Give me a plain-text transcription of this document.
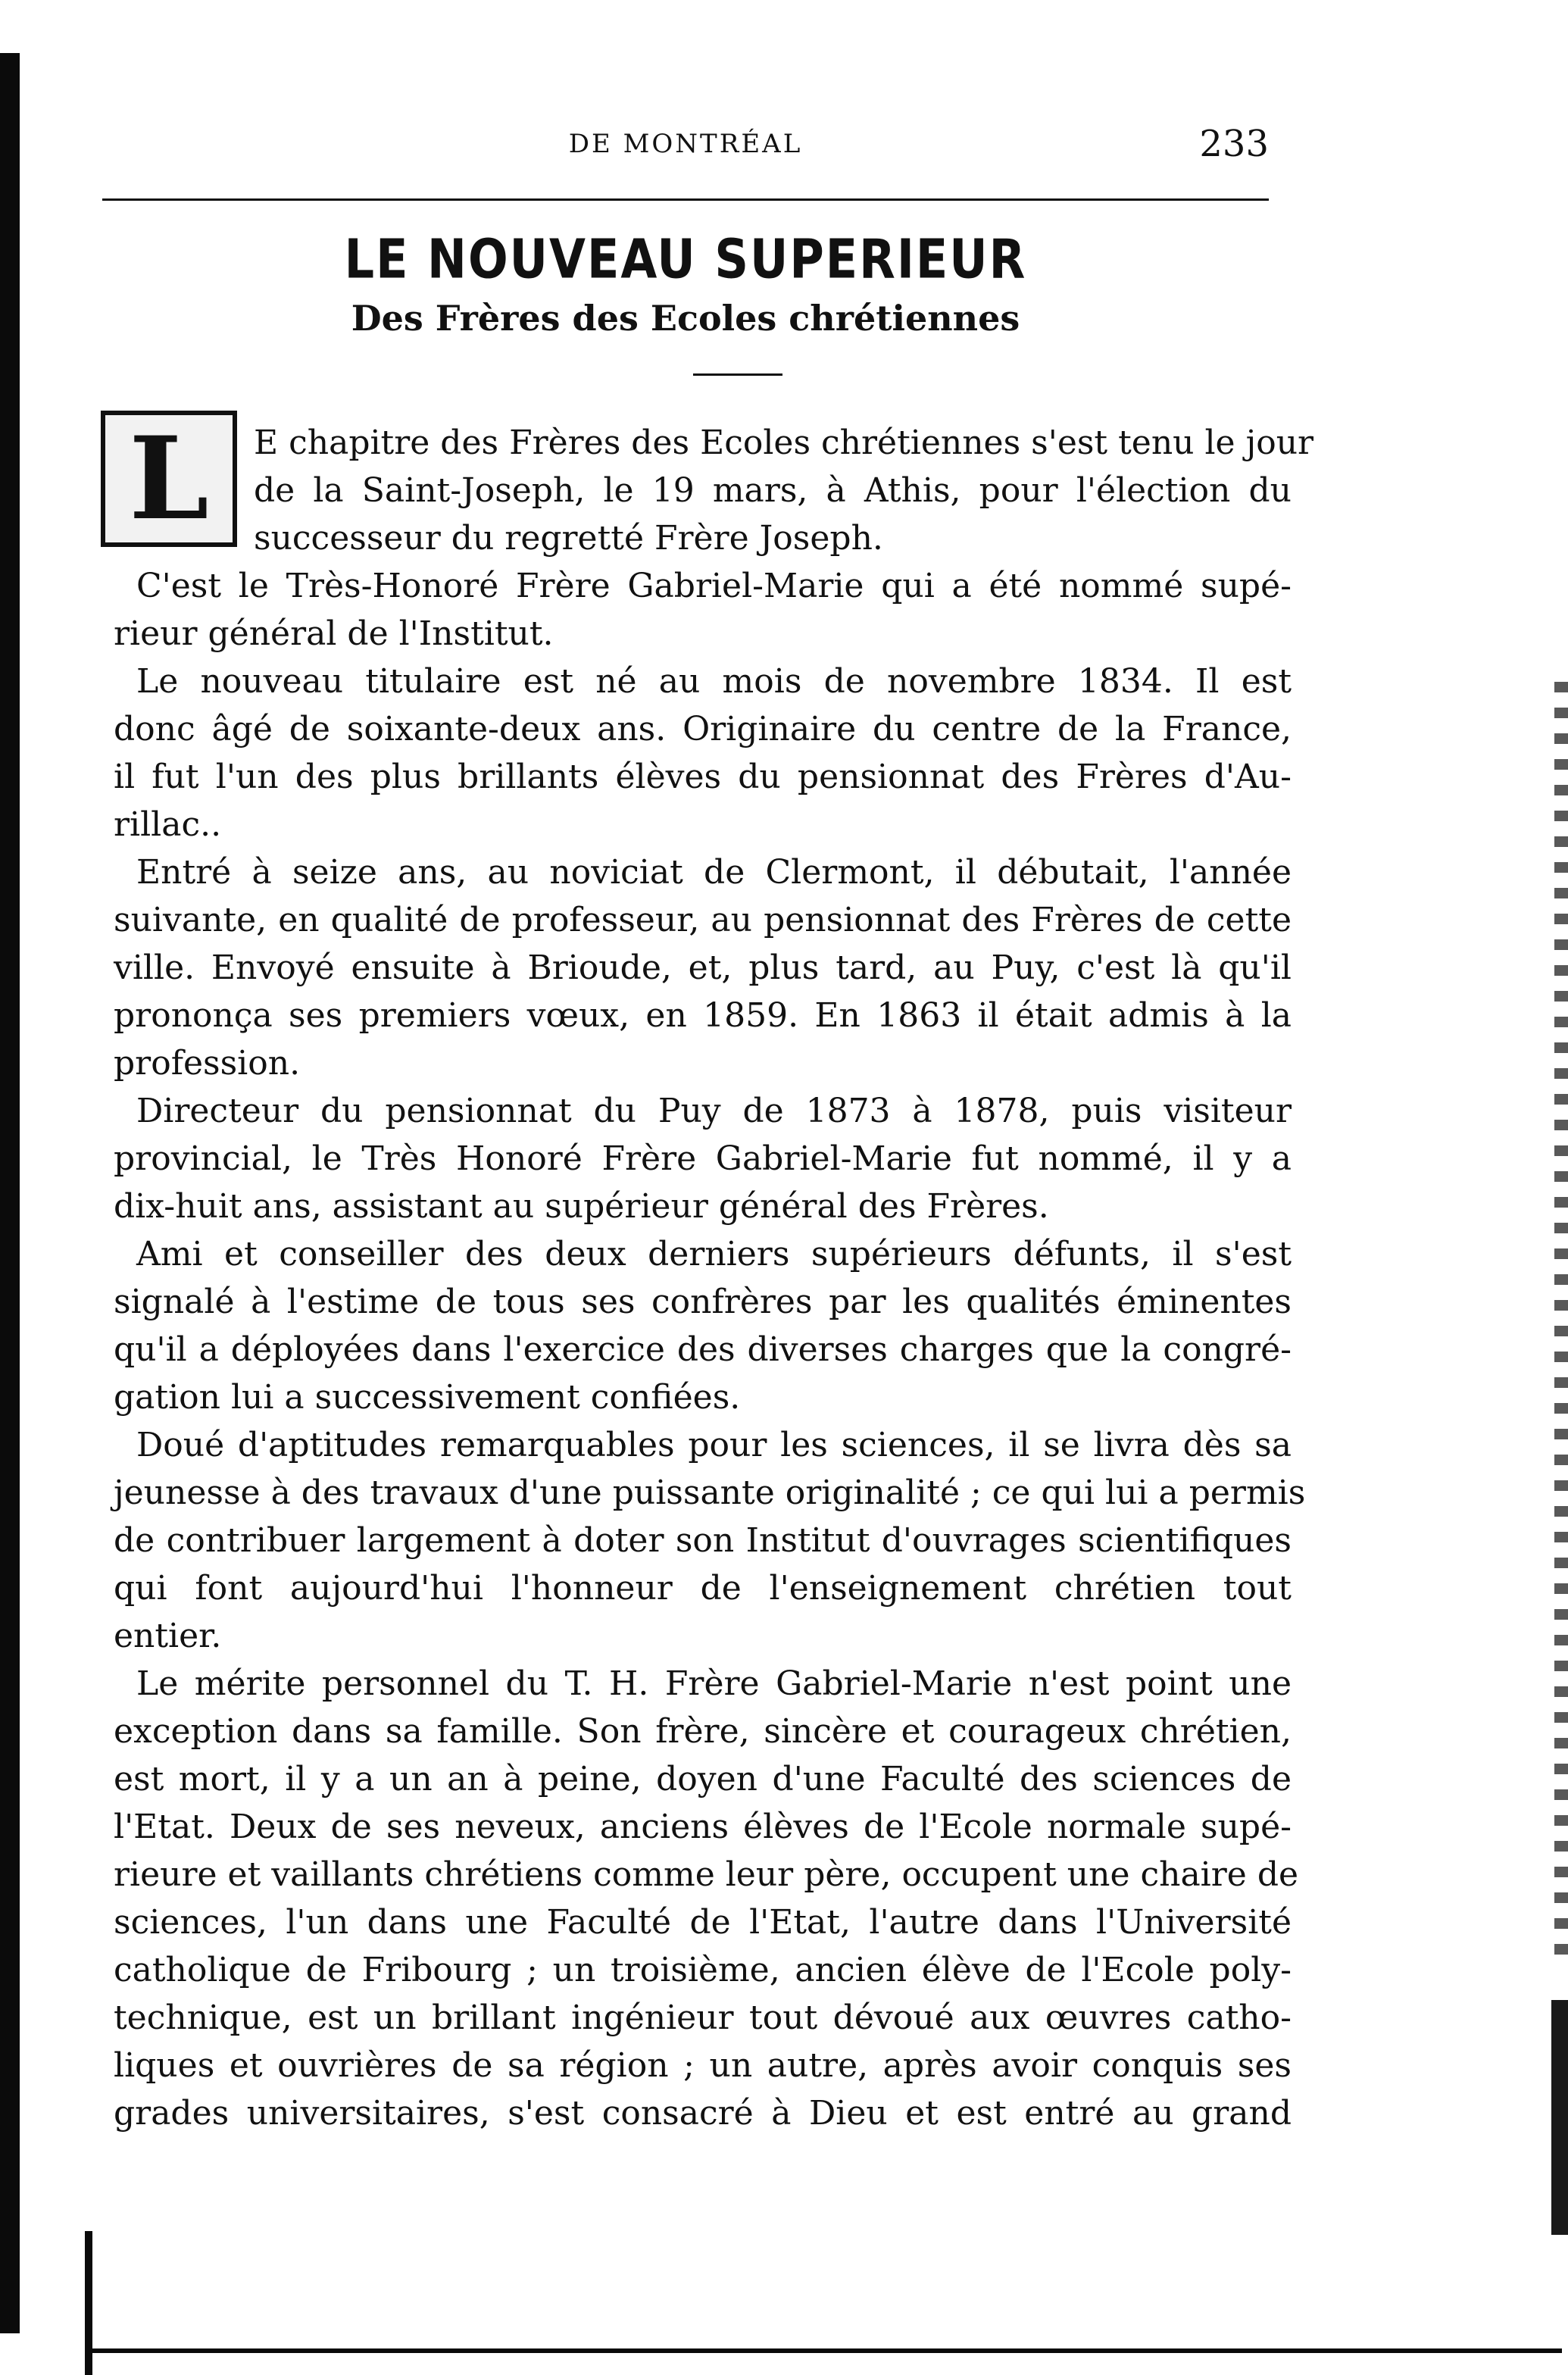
DE MONTRÉAL	233
LE NOUVEAU SUPERIEUR
Des Frères des Ecoles chrétiennes
L	E chapitre des Frères des Ecoles chrétiennes s'est tenu le jour
de la Saint-Joseph, le 19 mars, à Athis, pour l'élection du
successeur du regretté Frère Joseph.
C'est le Très-Honoré Frère Gabriel-Marie qui a été nommé supé-
rieur général de l'Institut.
Le nouveau titulaire est né au mois de novembre 1834. Il est
donc âgé de soixante-deux ans. Originaire du centre de la France,
il fut l'un des plus brillants élèves du pensionnat des Frères d'Au-
rillac..
Entré à seize ans, au noviciat de Clermont, il débutait, l'année
suivante, en qualité de professeur, au pensionnat des Frères de cette
ville. Envoyé ensuite à Brioude, et, plus tard, au Puy, c'est là qu'il
prononça ses premiers vœux, en 1859. En 1863 il était admis à la
profession.
Directeur du pensionnat du Puy de 1873 à 1878, puis visiteur
provincial, le Très Honoré Frère Gabriel-Marie fut nommé, il y a
dix-huit ans, assistant au supérieur général des Frères.
Ami et conseiller des deux derniers supérieurs défunts, il s'est
signalé à l'estime de tous ses confrères par les qualités éminentes
qu'il a déployées dans l'exercice des diverses charges que la congré-
gation lui a successivement confiées.
Doué d'aptitudes remarquables pour les sciences, il se livra dès sa
jeunesse à des travaux d'une puissante originalité ; ce qui lui a permis
de contribuer largement à doter son Institut d'ouvrages scientifiques
qui font aujourd'hui l'honneur de l'enseignement chrétien tout
entier.
Le mérite personnel du T. H. Frère Gabriel-Marie n'est point une
exception dans sa famille. Son frère, sincère et courageux chrétien,
est mort, il y a un an à peine, doyen d'une Faculté des sciences de
l'Etat. Deux de ses neveux, anciens élèves de l'Ecole normale supé-
rieure et vaillants chrétiens comme leur père, occupent une chaire de
sciences, l'un dans une Faculté de l'Etat, l'autre dans l'Université
catholique de Fribourg ; un troisième, ancien élève de l'Ecole poly-
technique, est un brillant ingénieur tout dévoué aux œuvres catho-
liques et ouvrières de sa région ; un autre, après avoir conquis ses
grades universitaires, s'est consacré à Dieu et est entré au grand
